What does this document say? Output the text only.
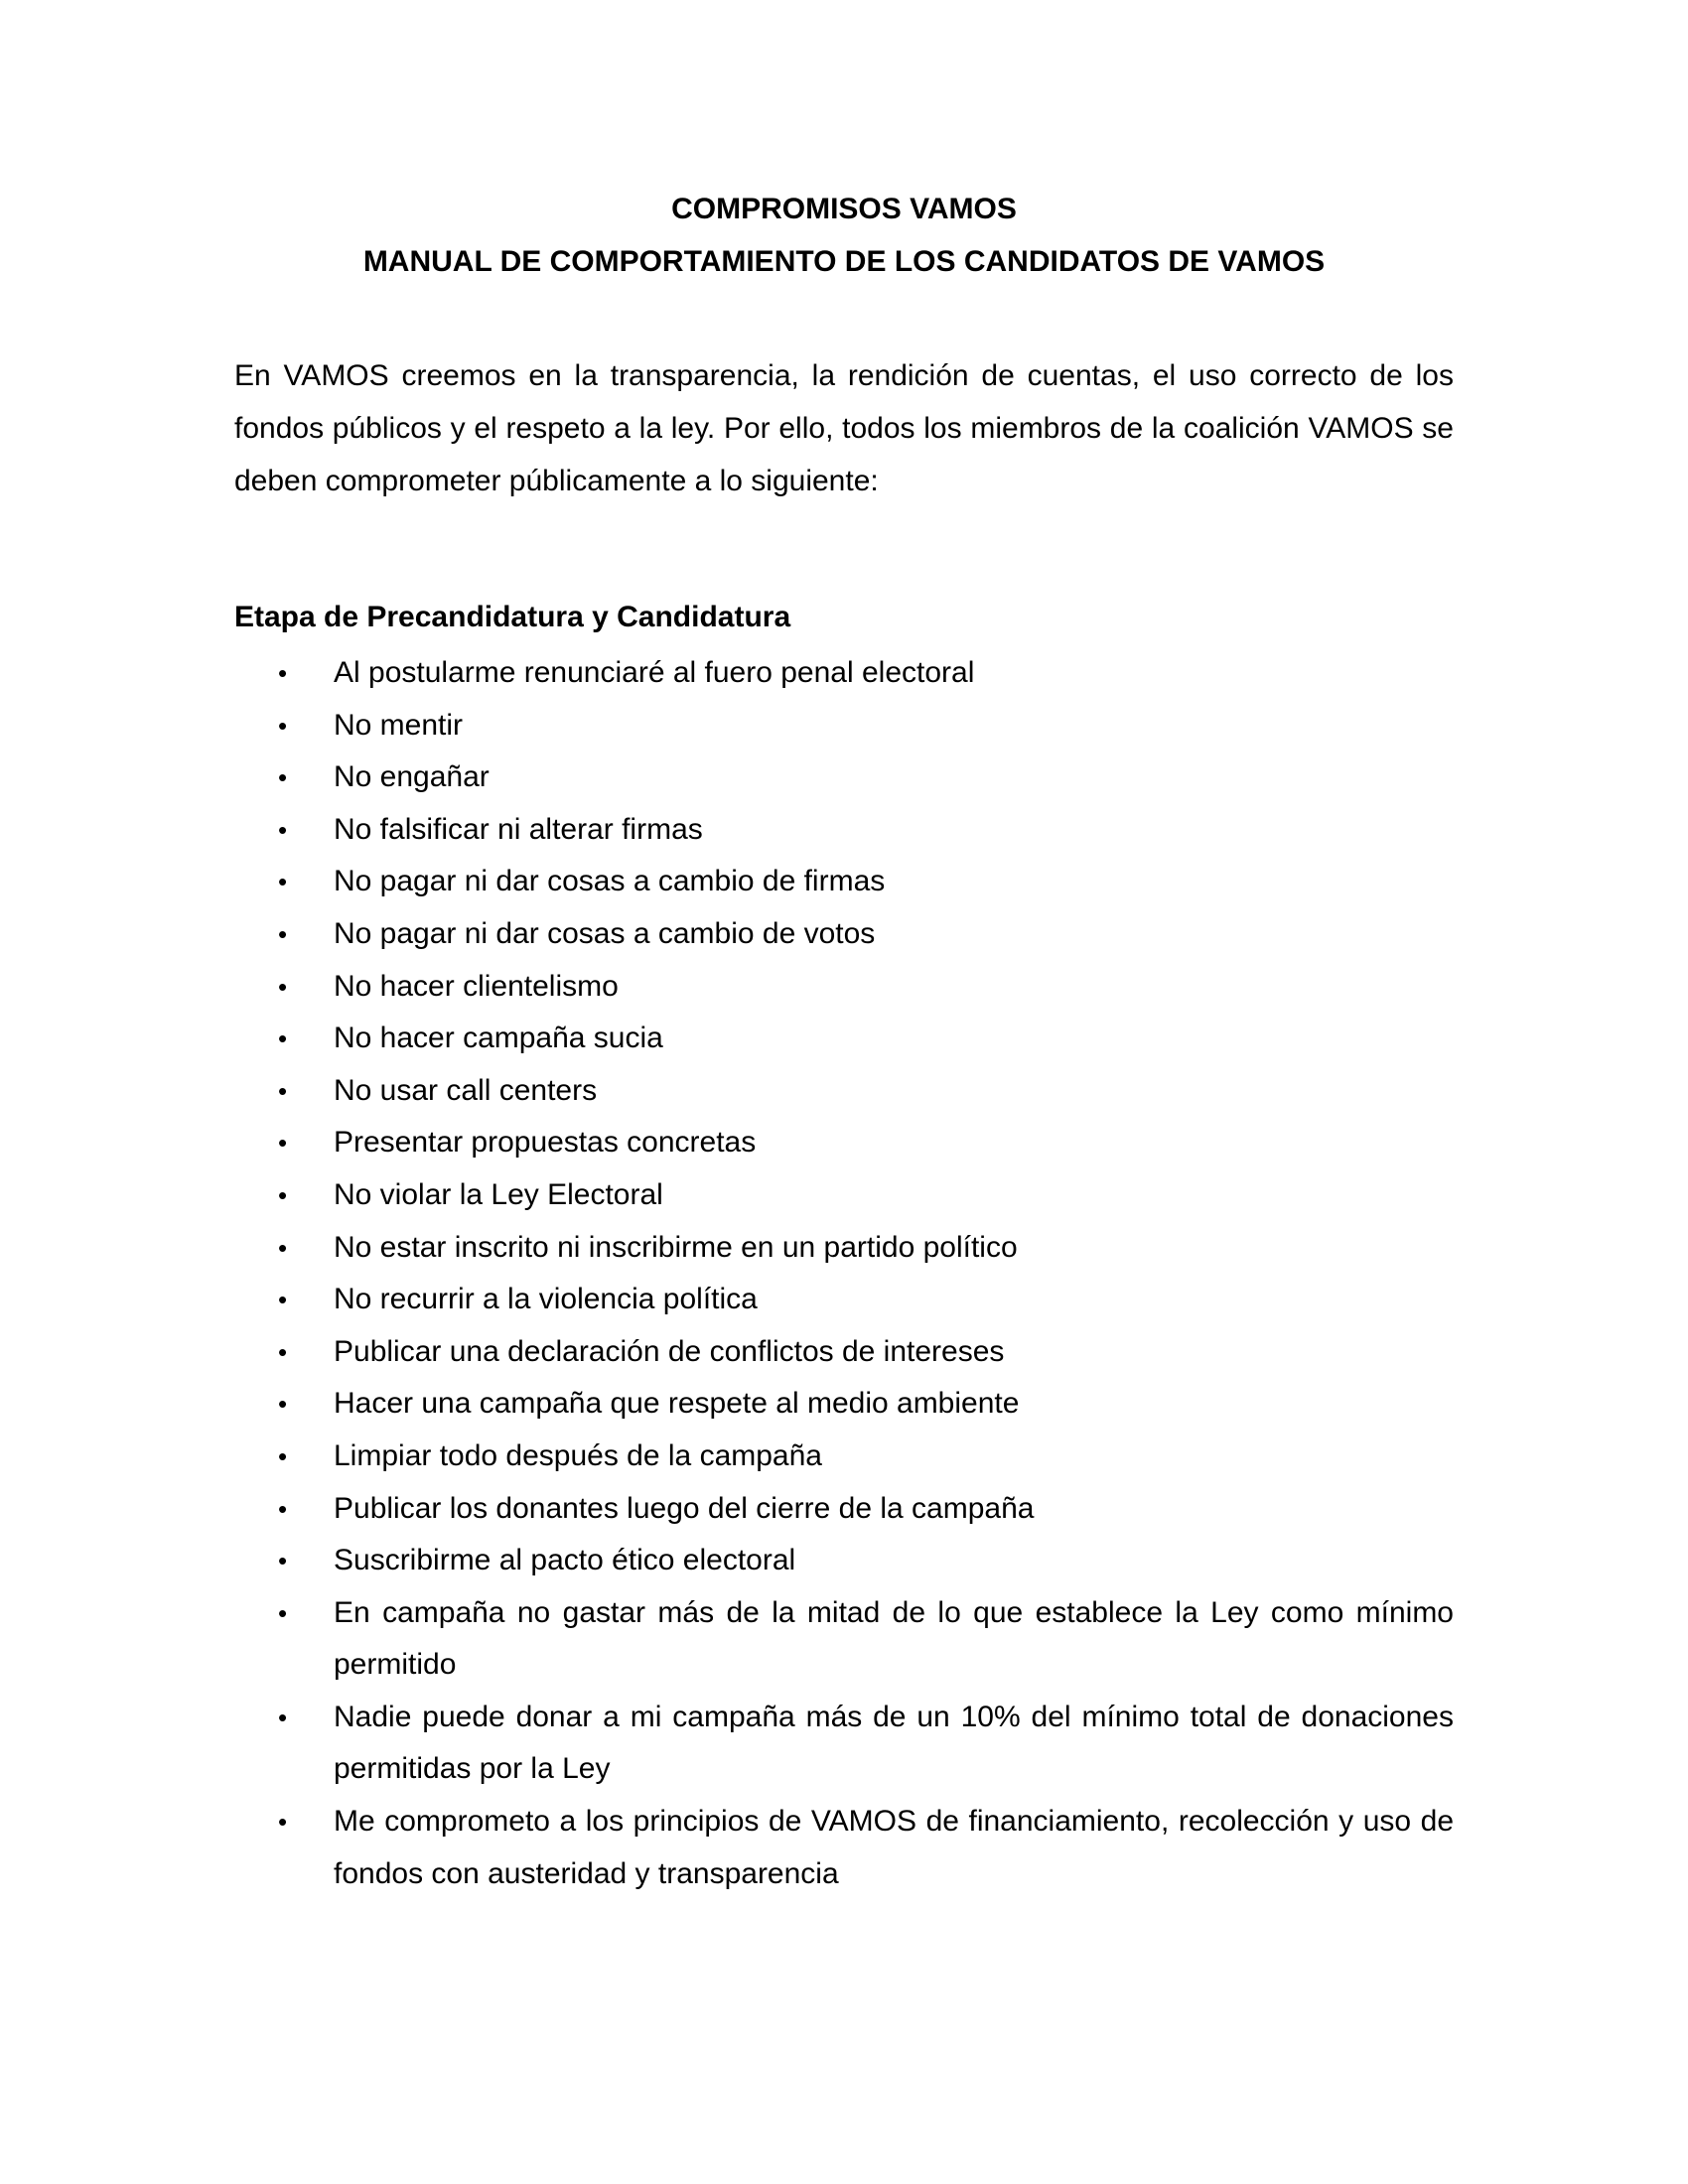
COMPROMISOS VAMOS
MANUAL DE COMPORTAMIENTO DE LOS CANDIDATOS DE VAMOS

En VAMOS creemos en la transparencia, la rendición de cuentas, el uso correcto de los fondos públicos y el respeto a la ley. Por ello, todos los miembros de la coalición VAMOS se deben comprometer públicamente a lo siguiente:

Etapa de Precandidatura y Candidatura
• Al postularme renunciaré al fuero penal electoral
• No mentir
• No engañar
• No falsificar ni alterar firmas
• No pagar ni dar cosas a cambio de firmas
• No pagar ni dar cosas a cambio de votos
• No hacer clientelismo
• No hacer campaña sucia
• No usar call centers
• Presentar propuestas concretas
• No violar la Ley Electoral
• No estar inscrito ni inscribirme en un partido político
• No recurrir a la violencia política
• Publicar una declaración de conflictos de intereses
• Hacer una campaña que respete al medio ambiente
• Limpiar todo después de la campaña
• Publicar los donantes luego del cierre de la campaña
• Suscribirme al pacto ético electoral
• En campaña no gastar más de la mitad de lo que establece la Ley como mínimo permitido
• Nadie puede donar a mi campaña más de un 10% del mínimo total de donaciones permitidas por la Ley
• Me comprometo a los principios de VAMOS de financiamiento, recolección y uso de fondos con austeridad y transparencia
